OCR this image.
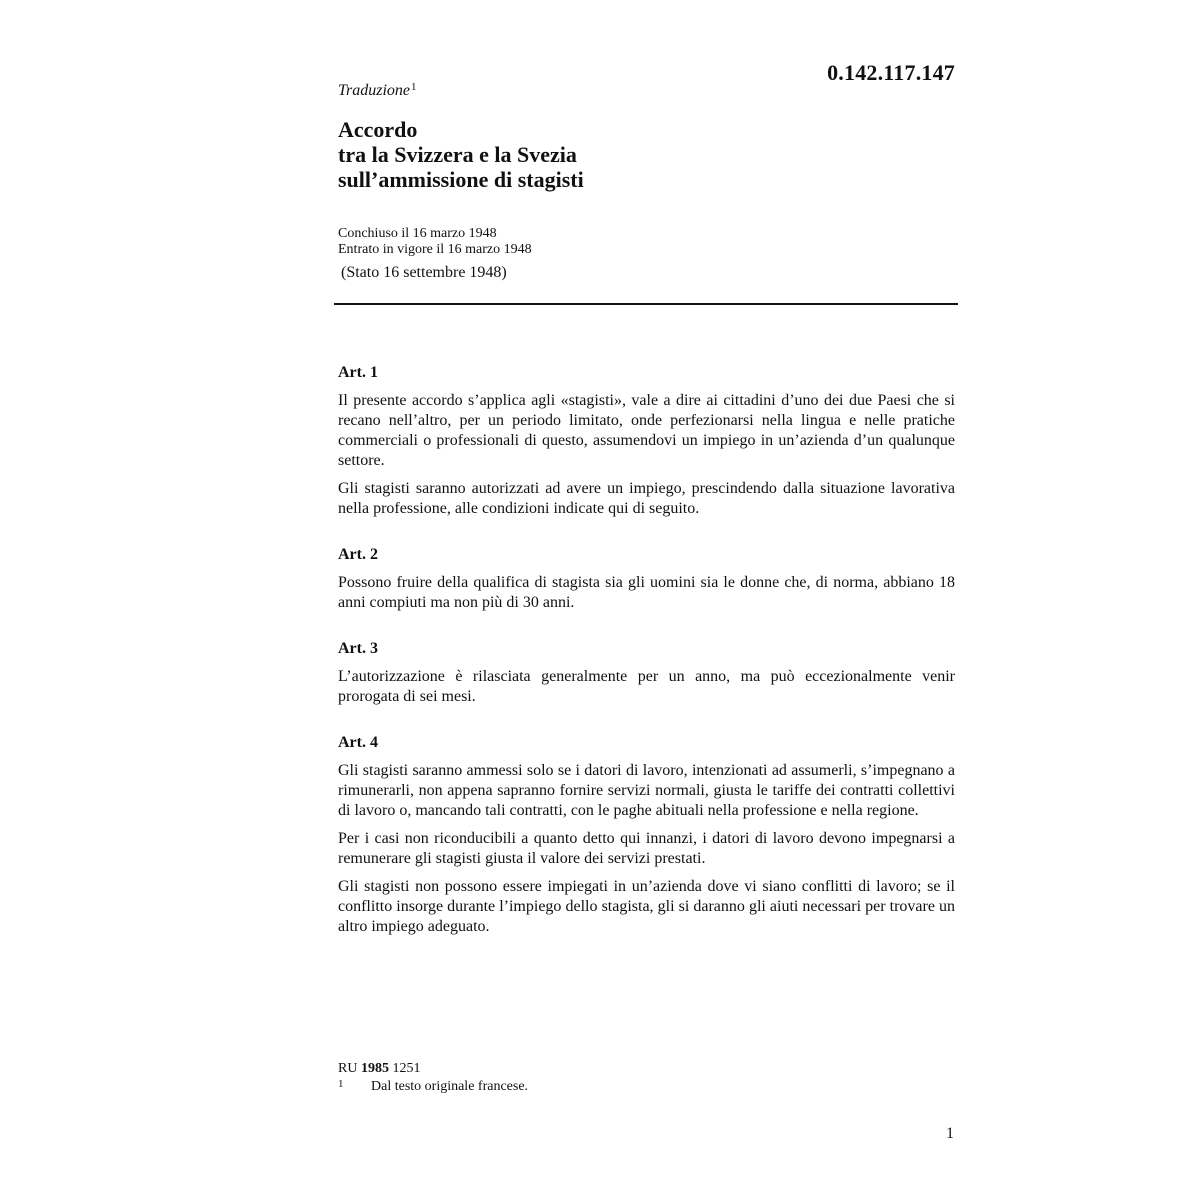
0.142.117.147
Traduzione$^1$
Accordo
tra la Svizzera e la Svezia
sull’ammissione di stagisti
Conchiuso il 16 marzo 1948
Entrato in vigore il 16 marzo 1948
(Stato 16 settembre 1948)
Art. 1

Il presente accordo s’applica agli «stagisti», vale a dire ai cittadini d’uno dei due Paesi che si recano nell’altro, per un periodo limitato, onde perfezionarsi nella lingua e nelle pratiche commerciali o professionali di questo, assumendovi un impiego in un’azienda d’un qualunque settore.

Gli stagisti saranno autorizzati ad avere un impiego, prescindendo dalla situazione lavorativa nella professione, alle condizioni indicate qui di seguito.

Art. 2

Possono fruire della qualifica di stagista sia gli uomini sia le donne che, di norma, abbiano 18 anni compiuti ma non più di 30 anni.

Art. 3

L’autorizzazione è rilasciata generalmente per un anno, ma può eccezionalmente venir prorogata di sei mesi.

Art. 4

Gli stagisti saranno ammessi solo se i datori di lavoro, intenzionati ad assumerli, s’impegnano a rimunerarli, non appena sapranno fornire servizi normali, giusta le tariffe dei contratti collettivi di lavoro o, mancando tali contratti, con le paghe abituali nella professione e nella regione.

Per i casi non riconducibili a quanto detto qui innanzi, i datori di lavoro devono impegnarsi a remunerare gli stagisti giusta il valore dei servizi prestati.

Gli stagisti non possono essere impiegati in un’azienda dove vi siano conflitti di lavoro; se il conflitto insorge durante l’impiego dello stagista, gli si daranno gli aiuti necessari per trovare un altro impiego adeguato.

RU 1985 1251
1	Dal testo originale francese.
1
